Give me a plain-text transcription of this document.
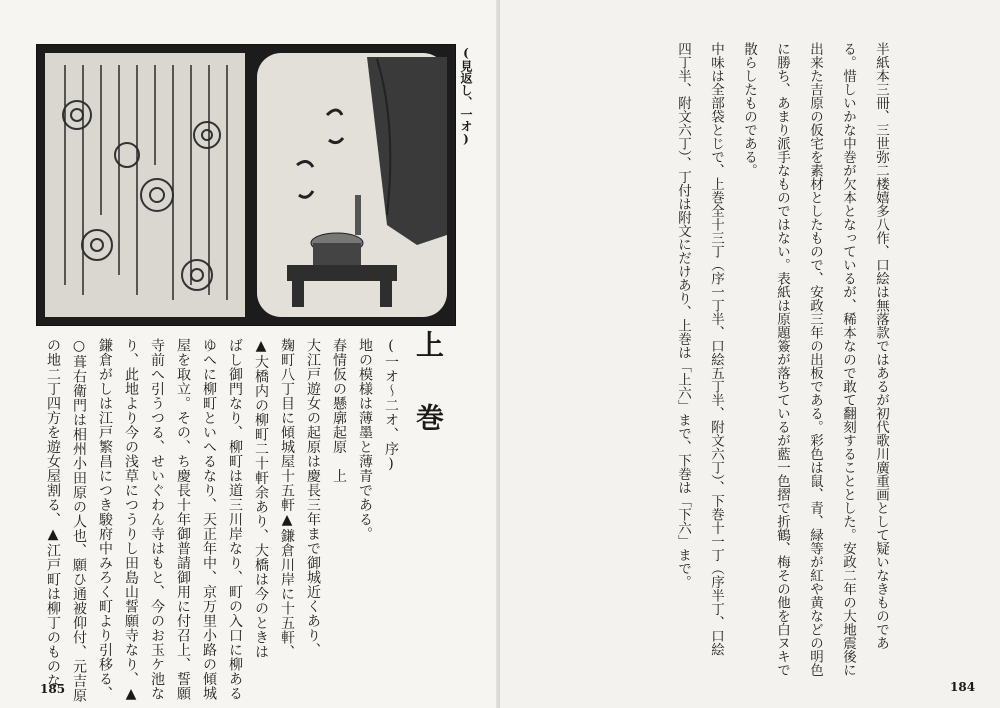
(見返し、一オ)
上 巻

(一オ〜二オ、序)

地の模様は薄墨と薄青である。

春情仮の懸廓起原　上

大江戸遊女の起原は慶長三年まで御城近くあり、

麹町八丁目に傾城屋十五軒▲鎌倉川岸に十五軒、

▲大橋内の柳町二十軒余あり、大橋は今のときは

ばし御門なり、柳町は道三川岸なり、町の入口に柳ある

ゆへに柳町といへるなり、天正年中、京万里小路の傾城

屋を取立。その、ち慶長十年御普請御用に付召上、誓願

寺前へ引うつる、せいぐわん寺はもと、今のお玉ケ池な

り、此地より今の浅草につうりし田島山誓願寺なり、▲

鎌倉がしは江戸繁昌につき駿府中みろく町より引移る、

○葺右衛門は相州小田原の人也、願ひ通被仰付、元吉原

の地二丁四方を遊女屋割る、▲江戸町は柳丁のものな

185

半紙本三冊、三世弥二楼嬉多八作、口絵は無落款ではあるが初代歌川廣重画として疑いなきものであ

る。惜しいかな中巻が欠本となっているが、稀本なので敢て翻刻することとした。安政二年の大地震後に

出来た吉原の仮宅を素材としたもので、安政三年の出板である。彩色は鼠、青、緑等が紅や黄などの明色

に勝ち、あまり派手なものではない。表紙は原題簽が落ちているが藍一色摺で折鶴、梅その他を白ヌキで

散らしたものである。

中味は全部袋とじで、上巻全十三丁（序一丁半、口絵五丁半、附文六丁）、下巻十一丁（序半丁、口絵

四丁半、附文六丁）、丁付は附文にだけあり、上巻は「上六」まで、下巻は「下六」まで。

184
